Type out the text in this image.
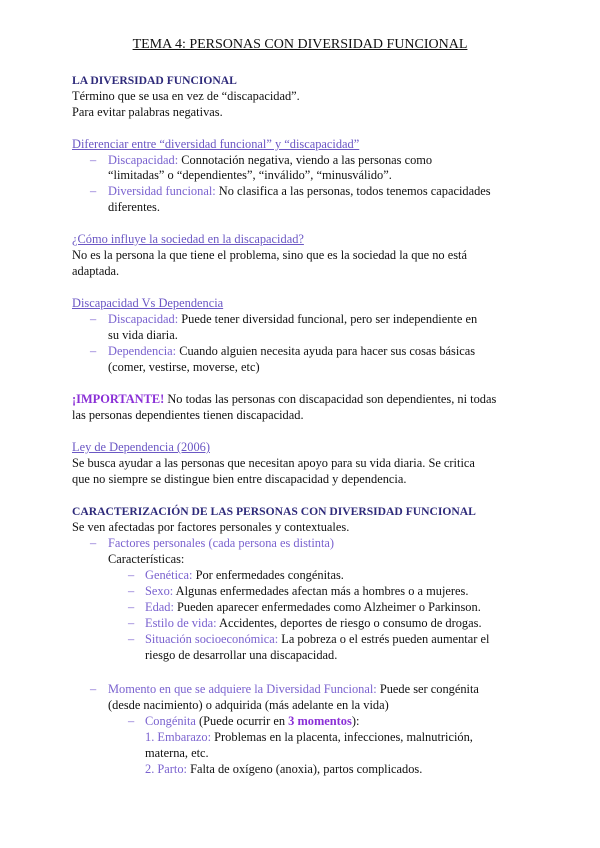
TEMA 4: PERSONAS CON DIVERSIDAD FUNCIONAL
LA DIVERSIDAD FUNCIONAL
Término que se usa en vez de “discapacidad”.
Para evitar palabras negativas.
Diferenciar entre “diversidad funcional” y “discapacidad”
– Discapacidad: Connotación negativa, viendo a las personas como
“limitadas” o “dependientes”, “inválido”, “minusválido”.
– Diversidad funcional: No clasifica a las personas, todos tenemos capacidades
diferentes.
¿Cómo influye la sociedad en la discapacidad?
No es la persona la que tiene el problema, sino que es la sociedad la que no está
adaptada.
Discapacidad Vs Dependencia
– Discapacidad: Puede tener diversidad funcional, pero ser independiente en
su vida diaria.
– Dependencia: Cuando alguien necesita ayuda para hacer sus cosas básicas
(comer, vestirse, moverse, etc)
¡IMPORTANTE! No todas las personas con discapacidad son dependientes, ni todas
las personas dependientes tienen discapacidad.
Ley de Dependencia (2006)
Se busca ayudar a las personas que necesitan apoyo para su vida diaria. Se critica
que no siempre se distingue bien entre discapacidad y dependencia.
CARACTERIZACIÓN DE LAS PERSONAS CON DIVERSIDAD FUNCIONAL
Se ven afectadas por factores personales y contextuales.
– Factores personales (cada persona es distinta)
Características:
– Genética: Por enfermedades congénitas.
– Sexo: Algunas enfermedades afectan más a hombres o a mujeres.
– Edad: Pueden aparecer enfermedades como Alzheimer o Parkinson.
– Estilo de vida: Accidentes, deportes de riesgo o consumo de drogas.
– Situación socioeconómica: La pobreza o el estrés pueden aumentar el
riesgo de desarrollar una discapacidad.
– Momento en que se adquiere la Diversidad Funcional: Puede ser congénita
(desde nacimiento) o adquirida (más adelante en la vida)
– Congénita (Puede ocurrir en 3 momentos):
1. Embarazo: Problemas en la placenta, infecciones, malnutrición,
materna, etc.
2. Parto: Falta de oxígeno (anoxia), partos complicados.
